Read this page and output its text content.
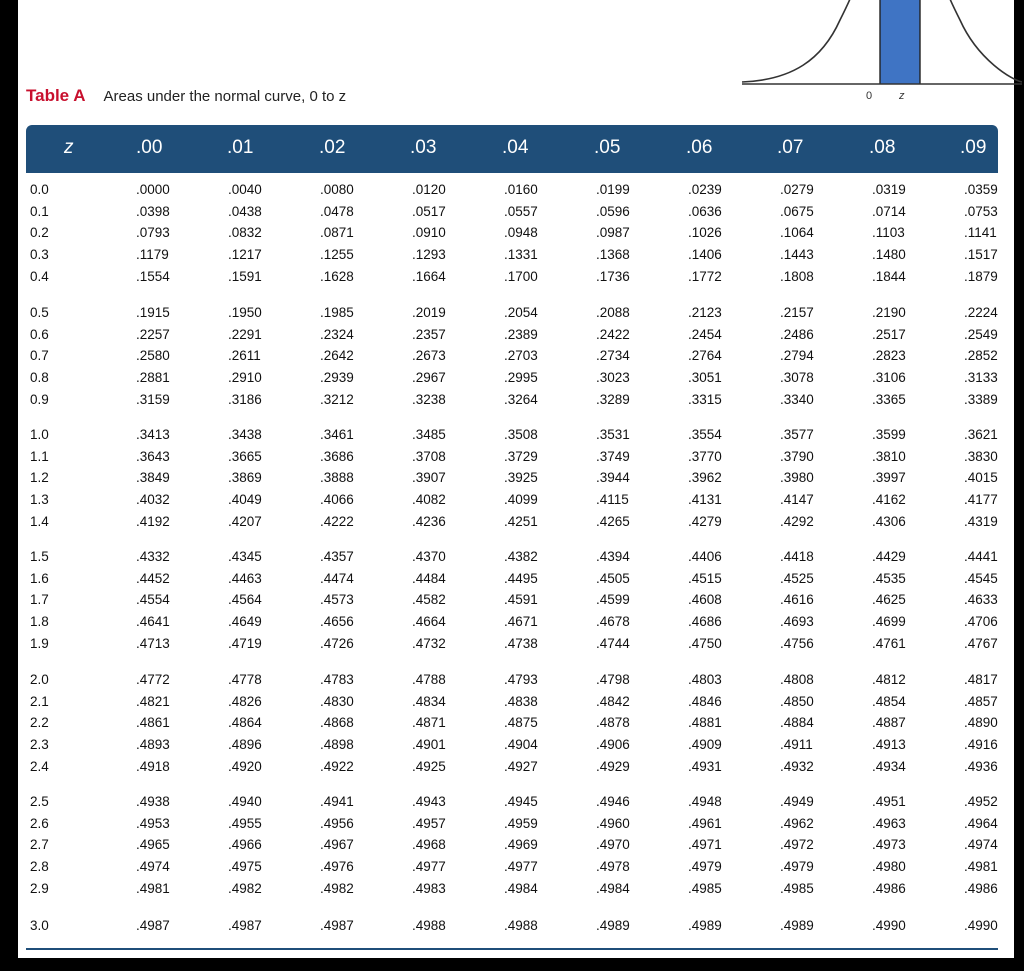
0 z
Table A Areas under the normal curve, 0 to z
z	.00	.01	.02	.03	.04	.05	.06	.07	.08	.09
0.0	.0000	.0040	.0080	.0120	.0160	.0199	.0239	.0279	.0319	.0359
0.1	.0398	.0438	.0478	.0517	.0557	.0596	.0636	.0675	.0714	.0753
0.2	.0793	.0832	.0871	.0910	.0948	.0987	.1026	.1064	.1103	.1141
0.3	.1179	.1217	.1255	.1293	.1331	.1368	.1406	.1443	.1480	.1517
0.4	.1554	.1591	.1628	.1664	.1700	.1736	.1772	.1808	.1844	.1879
0.5	.1915	.1950	.1985	.2019	.2054	.2088	.2123	.2157	.2190	.2224
0.6	.2257	.2291	.2324	.2357	.2389	.2422	.2454	.2486	.2517	.2549
0.7	.2580	.2611	.2642	.2673	.2703	.2734	.2764	.2794	.2823	.2852
0.8	.2881	.2910	.2939	.2967	.2995	.3023	.3051	.3078	.3106	.3133
0.9	.3159	.3186	.3212	.3238	.3264	.3289	.3315	.3340	.3365	.3389
1.0	.3413	.3438	.3461	.3485	.3508	.3531	.3554	.3577	.3599	.3621
1.1	.3643	.3665	.3686	.3708	.3729	.3749	.3770	.3790	.3810	.3830
1.2	.3849	.3869	.3888	.3907	.3925	.3944	.3962	.3980	.3997	.4015
1.3	.4032	.4049	.4066	.4082	.4099	.4115	.4131	.4147	.4162	.4177
1.4	.4192	.4207	.4222	.4236	.4251	.4265	.4279	.4292	.4306	.4319
1.5	.4332	.4345	.4357	.4370	.4382	.4394	.4406	.4418	.4429	.4441
1.6	.4452	.4463	.4474	.4484	.4495	.4505	.4515	.4525	.4535	.4545
1.7	.4554	.4564	.4573	.4582	.4591	.4599	.4608	.4616	.4625	.4633
1.8	.4641	.4649	.4656	.4664	.4671	.4678	.4686	.4693	.4699	.4706
1.9	.4713	.4719	.4726	.4732	.4738	.4744	.4750	.4756	.4761	.4767
2.0	.4772	.4778	.4783	.4788	.4793	.4798	.4803	.4808	.4812	.4817
2.1	.4821	.4826	.4830	.4834	.4838	.4842	.4846	.4850	.4854	.4857
2.2	.4861	.4864	.4868	.4871	.4875	.4878	.4881	.4884	.4887	.4890
2.3	.4893	.4896	.4898	.4901	.4904	.4906	.4909	.4911	.4913	.4916
2.4	.4918	.4920	.4922	.4925	.4927	.4929	.4931	.4932	.4934	.4936
2.5	.4938	.4940	.4941	.4943	.4945	.4946	.4948	.4949	.4951	.4952
2.6	.4953	.4955	.4956	.4957	.4959	.4960	.4961	.4962	.4963	.4964
2.7	.4965	.4966	.4967	.4968	.4969	.4970	.4971	.4972	.4973	.4974
2.8	.4974	.4975	.4976	.4977	.4977	.4978	.4979	.4979	.4980	.4981
2.9	.4981	.4982	.4982	.4983	.4984	.4984	.4985	.4985	.4986	.4986
3.0	.4987	.4987	.4987	.4988	.4988	.4989	.4989	.4989	.4990	.4990
